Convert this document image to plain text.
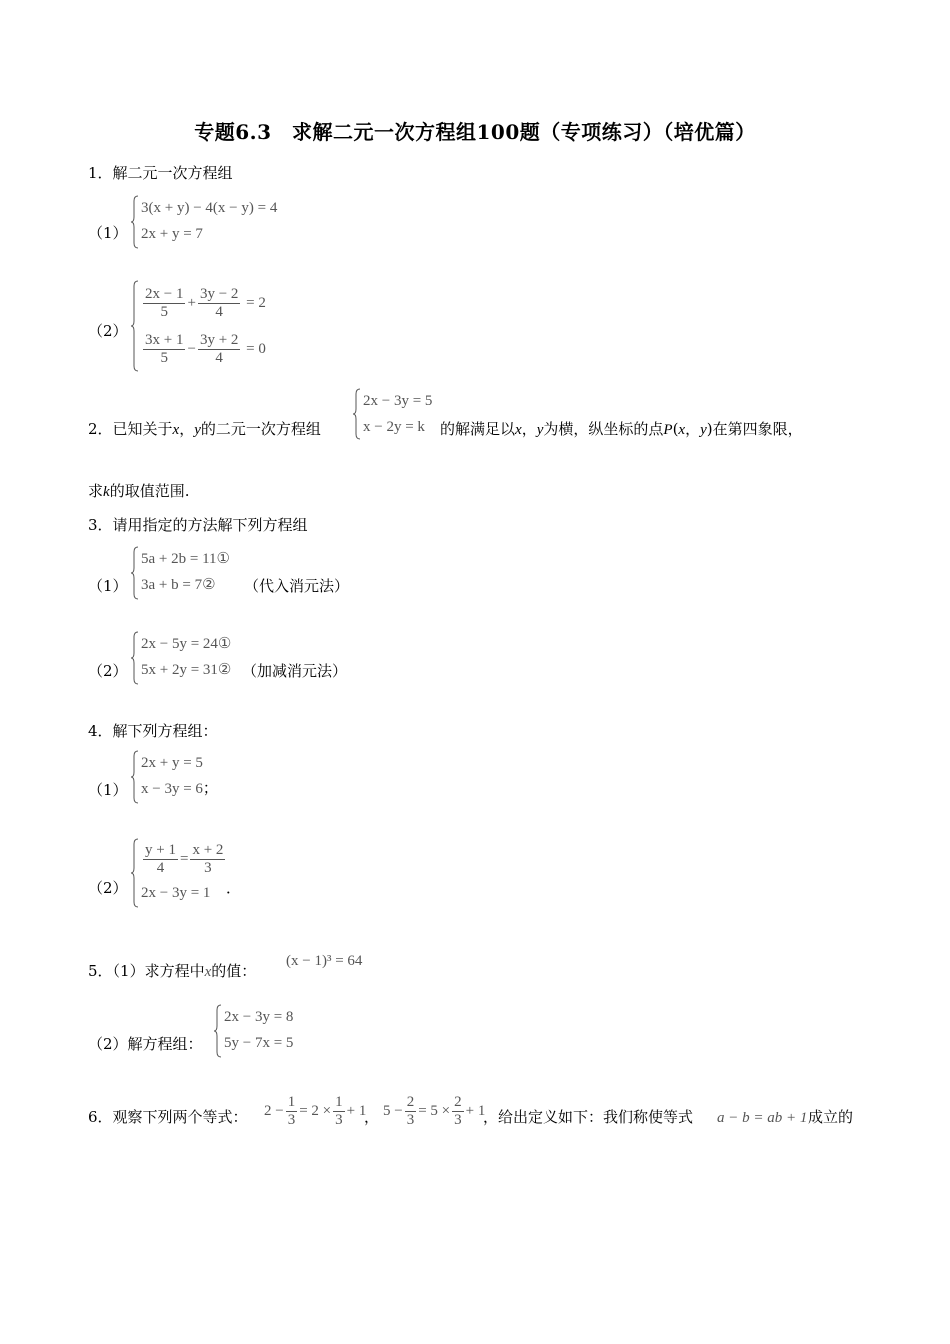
专题6.3　求解二元一次方程组100题（专项练习）（培优篇）
1．解二元一次方程组
（1）
3(x + y) − 4(x − y) = 4
2x + y = 7
（2）
$\frac{2x - 1}{5} + \frac{3y - 2}{4} = 2$
$\frac{3x + 1}{5} - \frac{3y + 2}{4} = 0$
2．已知关于x，y的二元一次方程组
2x − 3y = 5
x − 2y = k	的解满足以x，y为横，纵坐标的点P(x，y)在第四象限，
求k的取值范围.
3．请用指定的方法解下列方程组
（1）
5a + 2b = 11①
3a + b = 7②	（代入消元法）
（2）
2x − 5y = 24①
5x + 2y = 31② （加减消元法）
4．解下列方程组：
（1）
2x + y = 5
x − 3y = 6；
（2）
$\frac{y + 1}{4} = \frac{x + 2}{3}$
2x − 3y = 1	．
5．（1）求方程中x的值：
(x − 1)³ = 64
（2）解方程组：
2x − 3y = 8
5y − 7x = 5
6．观察下列两个等式： $2 - \frac{1}{3} = 2 \times \frac{1}{3} + 1$
， $5 - \frac{2}{3} = 5 \times \frac{2}{3} + 1$
，给出定义如下：我们称使等式 a − b = ab + 1 成立的
